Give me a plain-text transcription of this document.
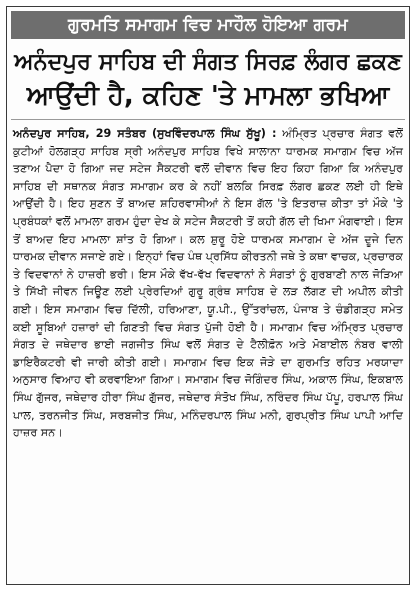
ਗੁਰਮਤਿ ਸਮਾਗਮ ਵਿਚ ਮਾਹੌਲ ਹੋਇਆ ਗਰਮ
ਅਨੰਦਪੁਰ ਸਾਹਿਬ ਦੀ ਸੰਗਤ ਸਿਰਫ਼ ਲੰਗਰ ਛਕਣ
ਆਉਂਦੀ ਹੈ, ਕਹਿਣ 'ਤੇ ਮਾਮਲਾ ਭਖਿਆ

ਅਨੰਦਪੁਰ ਸਾਹਿਬ, 29 ਸਤੰਬਰ (ਸੁਖਵਿੰਦਰਪਾਲ ਸਿੰਘ ਸੁੱਖੂ) : ਅੰਮ੍ਰਿਤ ਪ੍ਰਚਾਰ ਸੰਗਤ ਵਲੋਂ ਕੁਟੀਆਂ ਹੋਲਗੜ੍ਹ ਸਾਹਿਬ ਸ੍ਰੀ ਅਨੰਦਪੁਰ ਸਾਹਿਬ ਵਿਖੇ ਸਾਲਾਨਾ ਧਾਰਮਕ ਸਮਾਗਮ ਵਿਚ ਅੱਜ ਤਣਾਅ ਪੈਦਾ ਹੋ ਗਿਆ ਜਦ ਸਟੇਜ ਸੈਕਟਰੀ ਵਲੋਂ ਦੀਵਾਨ ਵਿਚ ਇਹ ਕਿਹਾ ਗਿਆ ਕਿ ਅਨੰਦਪੁਰ ਸਾਹਿਬ ਦੀ ਸਥਾਨਕ ਸੰਗਤ ਸਮਾਗਮ ਕਰ ਕੇ ਨਹੀਂ ਬਲਕਿ ਸਿਰਫ਼ ਲੰਗਰ ਛਕਣ ਲਈ ਹੀ ਇਥੇ ਆਉਂਦੀ ਹੈ। ਇਹ ਸੁਣਨ ਤੋਂ ਬਾਅਦ ਸ਼ਹਿਰਵਾਸੀਆਂ ਨੇ ਇਸ ਗੱਲ 'ਤੇ ਇਤਰਾਜ਼ ਕੀਤਾ ਤਾਂ ਮੌਕੇ 'ਤੇ ਪ੍ਰਬੰਧਕਾਂ ਵਲੋਂ ਮਾਮਲਾ ਗਰਮ ਹੁੰਦਾ ਦੇਖ ਕੇ ਸਟੇਜ ਸੈਕਟਰੀ ਤੋਂ ਕਹੀ ਗੱਲ ਦੀ ਖਿਮਾ ਮੰਗਵਾਈ। ਇਸ ਤੋਂ ਬਾਅਦ ਇਹ ਮਾਮਲਾ ਸ਼ਾਂਤ ਹੋ ਗਿਆ। ਕਲ ਸ਼ੁਰੂ ਹੋਏ ਧਾਰਮਕ ਸਮਾਗਮ ਦੇ ਅੱਜ ਦੂਜੇ ਦਿਨ ਧਾਰਮਕ ਦੀਵਾਨ ਸਜਾਏ ਗਏ। ਇਨ੍ਹਾਂ ਵਿਚ ਪੰਥ ਪ੍ਰਸਿੱਧ ਕੀਰਤਨੀ ਜਥੇ ਤੇ ਕਥਾ ਵਾਚਕ, ਪ੍ਰਚਾਰਕ ਤੇ ਵਿਦਵਾਨਾਂ ਨੇ ਹਾਜ਼ਰੀ ਭਰੀ। ਇਸ ਮੌਕੇ ਵੱਖ-ਵੱਖ ਵਿਦਵਾਨਾਂ ਨੇ ਸੰਗਤਾਂ ਨੂੰ ਗੁਰਬਾਣੀ ਨਾਲ ਜੋੜਿਆ ਤੇ ਸਿੱਖੀ ਜੀਵਨ ਜਿਊਣ ਲਈ ਪ੍ਰੇਰਦਿਆਂ ਗੁਰੂ ਗ੍ਰੰਥ ਸਾਹਿਬ ਦੇ ਲੜ ਲੱਗਣ ਦੀ ਅਪੀਲ ਕੀਤੀ ਗਈ। ਇਸ ਸਮਾਗਮ ਵਿਚ ਦਿੱਲੀ, ਹਰਿਆਣਾ, ਯੂ.ਪੀ., ਉੱਤਰਾਂਚਲ, ਪੰਜਾਬ ਤੇ ਚੰਡੀਗੜ੍ਹ ਸਮੇਤ ਕਈ ਸੂਬਿਆਂ ਹਜ਼ਾਰਾਂ ਦੀ ਗਿਣਤੀ ਵਿਚ ਸੰਗਤ ਪੁੱਜੀ ਹੋਈ ਹੈ। ਸਮਾਗਮ ਵਿਚ ਅੰਮ੍ਰਿਤ ਪ੍ਰਚਾਰ ਸੰਗਤ ਦੇ ਜਥੇਦਾਰ ਭਾਈ ਜਗਜੀਤ ਸਿੰਘ ਵਲੋਂ ਸੰਗਤ ਦੇ ਟੈਲੀਫ਼ੋਨ ਅਤੇ ਮੋਬਾਈਲ ਨੰਬਰ ਵਾਲੀ ਡਾਇਰੈਕਟਰੀ ਵੀ ਜਾਰੀ ਕੀਤੀ ਗਈ। ਸਮਾਗਮ ਵਿਚ ਇਕ ਜੋੜੇ ਦਾ ਗੁਰਮਤਿ ਰਹਿਤ ਮਰਯਾਦਾ ਅਨੁਸਾਰ ਵਿਆਹ ਵੀ ਕਰਵਾਇਆ ਗਿਆ। ਸਮਾਗਮ ਵਿਚ ਜੋਗਿੰਦਰ ਸਿੰਘ, ਅਕਾਲ ਸਿੰਘ, ਇਕਬਾਲ ਸਿੰਘ ਗੁੱਜਰ, ਜਥੇਦਾਰ ਹੀਰਾ ਸਿੰਘ ਗੁੱਜਰ, ਜਥੇਦਾਰ ਸੰਤੋਖ ਸਿੰਘ, ਨਰਿੰਦਰ ਸਿੰਘ ਪੱਪੂ, ਹਰਪਾਲ ਸਿੰਘ ਪਾਲ, ਤਰਨਜੀਤ ਸਿੰਘ, ਸਰਬਜੀਤ ਸਿੰਘ, ਮਨਿੰਦਰਪਾਲ ਸਿੰਘ ਮਨੀ, ਗੁਰਪ੍ਰੀਤ ਸਿੰਘ ਪਾਪੀ ਆਦਿ ਹਾਜ਼ਰ ਸਨ।
